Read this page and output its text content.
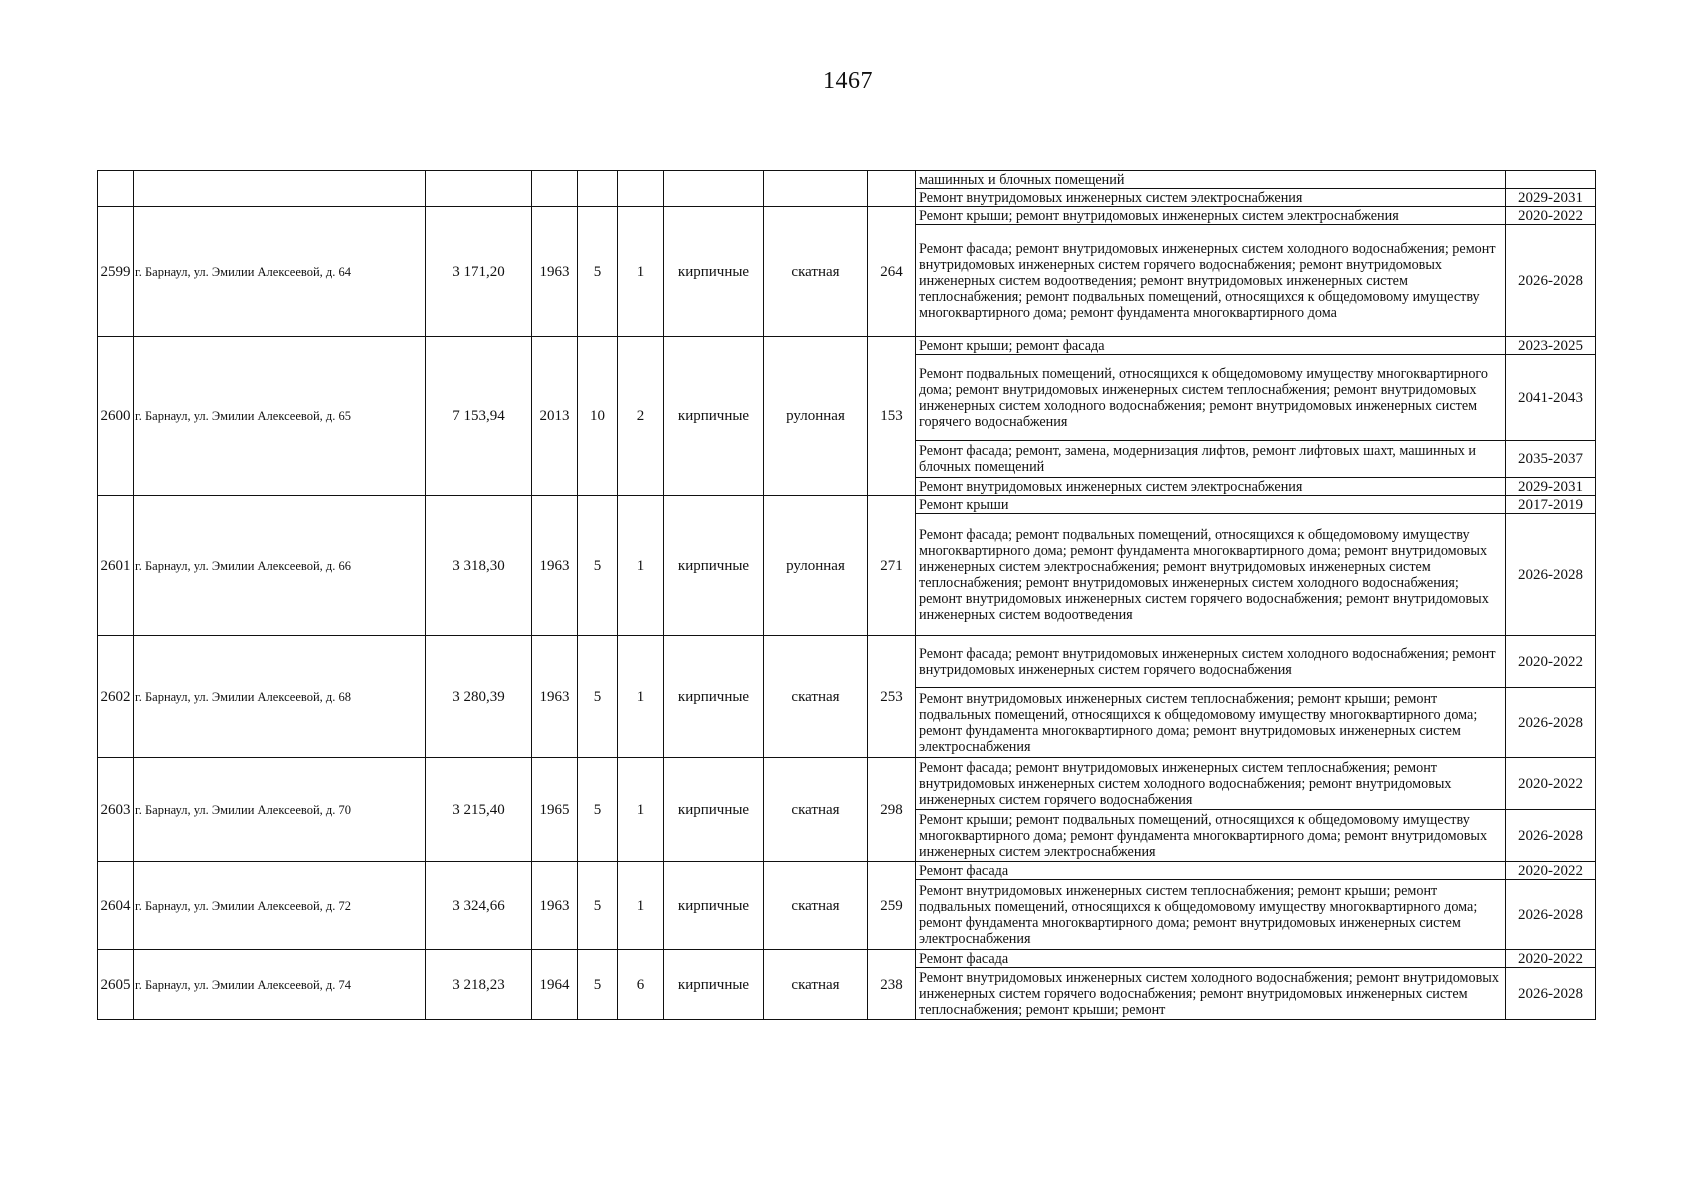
1467
									машинных и блочных помещений	
									Ремонт внутридомовых инженерных систем электроснабжения	2029-2031
2599	г. Барнаул, ул. Эмилии Алексеевой, д. 64	3 171,20	1963	5	1	кирпичные	скатная	264	Ремонт крыши; ремонт внутридомовых инженерных систем электроснабжения	2020-2022
									Ремонт фасада; ремонт внутридомовых инженерных систем холодного водоснабжения; ремонт внутридомовых инженерных систем горячего водоснабжения; ремонт внутридомовых инженерных систем водоотведения; ремонт внутридомовых инженерных систем теплоснабжения; ремонт подвальных помещений, относящихся к общедомовому имуществу многоквартирного дома; ремонт фундамента многоквартирного дома	2026-2028
2600	г. Барнаул, ул. Эмилии Алексеевой, д. 65	7 153,94	2013	10	2	кирпичные	рулонная	153	Ремонт крыши; ремонт фасада	2023-2025
									Ремонт подвальных помещений, относящихся к общедомовому имуществу многоквартирного дома; ремонт внутридомовых инженерных систем теплоснабжения; ремонт внутридомовых инженерных систем холодного водоснабжения; ремонт внутридомовых инженерных систем горячего водоснабжения	2041-2043
									Ремонт фасада; ремонт, замена, модернизация лифтов, ремонт лифтовых шахт, машинных и блочных помещений	2035-2037
									Ремонт внутридомовых инженерных систем электроснабжения	2029-2031
2601	г. Барнаул, ул. Эмилии Алексеевой, д. 66	3 318,30	1963	5	1	кирпичные	рулонная	271	Ремонт крыши	2017-2019
									Ремонт фасада; ремонт подвальных помещений, относящихся к общедомовому имуществу многоквартирного дома; ремонт фундамента многоквартирного дома; ремонт внутридомовых инженерных систем электроснабжения; ремонт внутридомовых инженерных систем теплоснабжения; ремонт внутридомовых инженерных систем холодного водоснабжения; ремонт внутридомовых инженерных систем горячего водоснабжения; ремонт внутридомовых инженерных систем водоотведения	2026-2028
2602	г. Барнаул, ул. Эмилии Алексеевой, д. 68	3 280,39	1963	5	1	кирпичные	скатная	253	Ремонт фасада; ремонт внутридомовых инженерных систем холодного водоснабжения; ремонт внутридомовых инженерных систем горячего водоснабжения	2020-2022
									Ремонт внутридомовых инженерных систем теплоснабжения; ремонт крыши; ремонт подвальных помещений, относящихся к общедомовому имуществу многоквартирного дома; ремонт фундамента многоквартирного дома; ремонт внутридомовых инженерных систем электроснабжения	2026-2028
2603	г. Барнаул, ул. Эмилии Алексеевой, д. 70	3 215,40	1965	5	1	кирпичные	скатная	298	Ремонт фасада; ремонт внутридомовых инженерных систем теплоснабжения; ремонт внутридомовых инженерных систем холодного водоснабжения; ремонт внутридомовых инженерных систем горячего водоснабжения	2020-2022
									Ремонт крыши; ремонт подвальных помещений, относящихся к общедомовому имуществу многоквартирного дома; ремонт фундамента многоквартирного дома; ремонт внутридомовых инженерных систем электроснабжения	2026-2028
2604	г. Барнаул, ул. Эмилии Алексеевой, д. 72	3 324,66	1963	5	1	кирпичные	скатная	259	Ремонт фасада	2020-2022
									Ремонт внутридомовых инженерных систем теплоснабжения; ремонт крыши; ремонт подвальных помещений, относящихся к общедомовому имуществу многоквартирного дома; ремонт фундамента многоквартирного дома; ремонт внутридомовых инженерных систем электроснабжения	2026-2028
2605	г. Барнаул, ул. Эмилии Алексеевой, д. 74	3 218,23	1964	5	6	кирпичные	скатная	238	Ремонт фасада	2020-2022
									Ремонт внутридомовых инженерных систем холодного водоснабжения; ремонт внутридомовых инженерных систем горячего водоснабжения; ремонт внутридомовых инженерных систем теплоснабжения; ремонт крыши; ремонт	2026-2028
